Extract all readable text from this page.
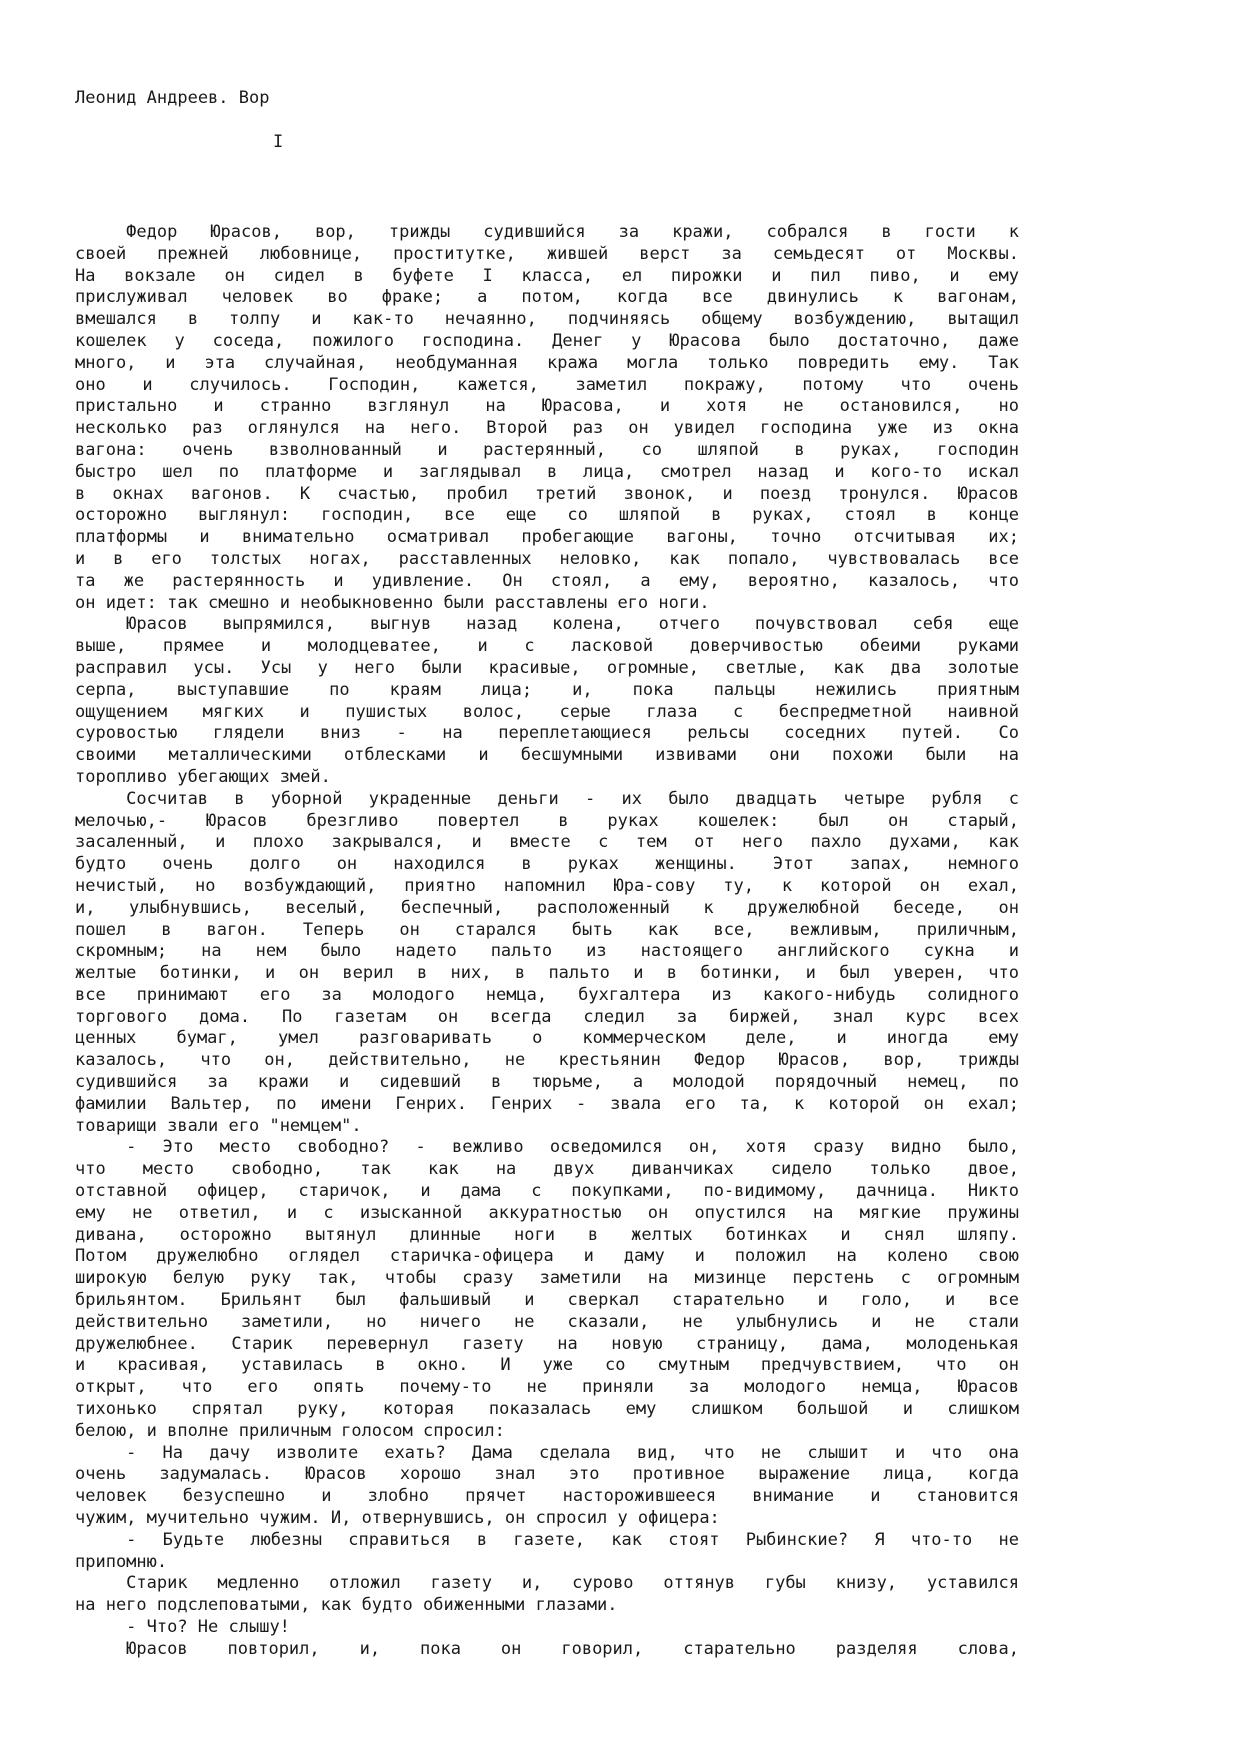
Леонид Андреев. Вор
I
Федор Юрасов, вор, трижды судившийся за кражи, собрался в гости к
своей прежней любовнице, проститутке, жившей верст за семьдесят от Москвы.
На вокзале он сидел в буфете I класса, ел пирожки и пил пиво, и ему
прислуживал человек во фраке; а потом, когда все двинулись к вагонам,
вмешался в толпу и как-то нечаянно, подчиняясь общему возбуждению, вытащил
кошелек у соседа, пожилого господина. Денег у Юрасова было достаточно, даже
много, и эта случайная, необдуманная кража могла только повредить ему. Так
оно и случилось. Господин, кажется, заметил покражу, потому что очень
пристально и странно взглянул на Юрасова, и хотя не остановился, но
несколько раз оглянулся на него. Второй раз он увидел господина уже из окна
вагона: очень взволнованный и растерянный, со шляпой в руках, господин
быстро шел по платформе и заглядывал в лица, смотрел назад и кого-то искал
в окнах вагонов. К счастью, пробил третий звонок, и поезд тронулся. Юрасов
осторожно выглянул: господин, все еще со шляпой в руках, стоял в конце
платформы и внимательно осматривал пробегающие вагоны, точно отсчитывая их;
и в его толстых ногах, расставленных неловко, как попало, чувствовалась все
та же растерянность и удивление. Он стоял, а ему, вероятно, казалось, что
он идет: так смешно и необыкновенно были расставлены его ноги.
Юрасов выпрямился, выгнув назад колена, отчего почувствовал себя еще
выше, прямее и молодцеватее, и с ласковой доверчивостью обеими руками
расправил усы. Усы у него были красивые, огромные, светлые, как два золотые
серпа, выступавшие по краям лица; и, пока пальцы нежились приятным
ощущением мягких и пушистых волос, серые глаза с беспредметной наивной
суровостью глядели вниз - на переплетающиеся рельсы соседних путей. Со
своими металлическими отблесками и бесшумными извивами они похожи были на
торопливо убегающих змей.
Сосчитав в уборной украденные деньги - их было двадцать четыре рубля с
мелочью,- Юрасов брезгливо повертел в руках кошелек: был он старый,
засаленный, и плохо закрывался, и вместе с тем от него пахло духами, как
будто очень долго он находился в руках женщины. Этот запах, немного
нечистый, но возбуждающий, приятно напомнил Юра-сову ту, к которой он ехал,
и, улыбнувшись, веселый, беспечный, расположенный к дружелюбной беседе, он
пошел в вагон. Теперь он старался быть как все, вежливым, приличным,
скромным; на нем было надето пальто из настоящего английского сукна и
желтые ботинки, и он верил в них, в пальто и в ботинки, и был уверен, что
все принимают его за молодого немца, бухгалтера из какого-нибудь солидного
торгового дома. По газетам он всегда следил за биржей, знал курс всех
ценных бумаг, умел разговаривать о коммерческом деле, и иногда ему
казалось, что он, действительно, не крестьянин Федор Юрасов, вор, трижды
судившийся за кражи и сидевший в тюрьме, а молодой порядочный немец, по
фамилии Вальтер, по имени Генрих. Генрих - звала его та, к которой он ехал;
товарищи звали его "немцем".
- Это место свободно? - вежливо осведомился он, хотя сразу видно было,
что место свободно, так как на двух диванчиках сидело только двое,
отставной офицер, старичок, и дама с покупками, по-видимому, дачница. Никто
ему не ответил, и с изысканной аккуратностью он опустился на мягкие пружины
дивана, осторожно вытянул длинные ноги в желтых ботинках и снял шляпу.
Потом дружелюбно оглядел старичка-офицера и даму и положил на колено свою
широкую белую руку так, чтобы сразу заметили на мизинце перстень с огромным
брильянтом. Брильянт был фальшивый и сверкал старательно и голо, и все
действительно заметили, но ничего не сказали, не улыбнулись и не стали
дружелюбнее. Старик перевернул газету на новую страницу, дама, молоденькая
и красивая, уставилась в окно. И уже со смутным предчувствием, что он
открыт, что его опять почему-то не приняли за молодого немца, Юрасов
тихонько спрятал руку, которая показалась ему слишком большой и слишком
белою, и вполне приличным голосом спросил:
- На дачу изволите ехать? Дама сделала вид, что не слышит и что она
очень задумалась. Юрасов хорошо знал это противное выражение лица, когда
человек безуспешно и злобно прячет насторожившееся внимание и становится
чужим, мучительно чужим. И, отвернувшись, он спросил у офицера:
- Будьте любезны справиться в газете, как стоят Рыбинские? Я что-то не
припомню.
Старик медленно отложил газету и, сурово оттянув губы книзу, уставился
на него подслеповатыми, как будто обиженными глазами.
- Что? Не слышу!
Юрасов повторил, и, пока он говорил, старательно разделяя слова,
